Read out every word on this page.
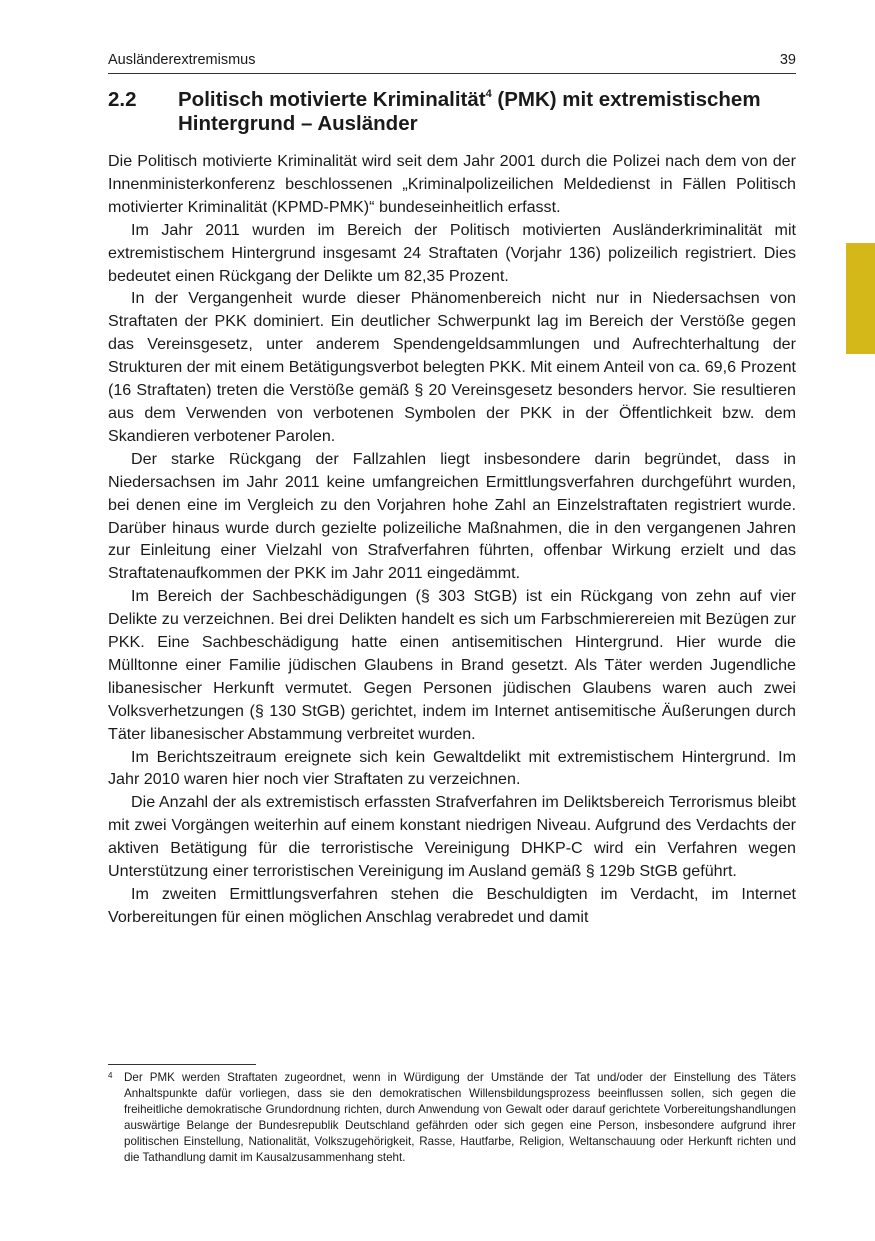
Ausländerextremismus	39
2.2	Politisch motivierte Kriminalität$^4$ (PMK) mit extremistischem Hintergrund – Ausländer

Die Politisch motivierte Kriminalität wird seit dem Jahr 2001 durch die Polizei nach dem von der Innenministerkonferenz beschlossenen „Kriminalpolizeilichen Meldedienst in Fällen Politisch motivierter Kriminalität (KPMD-PMK)“ bundeseinheitlich erfasst.

Im Jahr 2011 wurden im Bereich der Politisch motivierten Ausländerkriminalität mit extremistischem Hintergrund insgesamt 24 Straftaten (Vorjahr 136) polizeilich registriert. Dies bedeutet einen Rückgang der Delikte um 82,35 Prozent.

In der Vergangenheit wurde dieser Phänomenbereich nicht nur in Niedersachsen von Straftaten der PKK dominiert. Ein deutlicher Schwerpunkt lag im Bereich der Verstöße gegen das Vereinsgesetz, unter anderem Spendengeldsammlungen und Aufrechterhaltung der Strukturen der mit einem Betätigungsverbot belegten PKK. Mit einem Anteil von ca. 69,6 Prozent (16 Straftaten) treten die Verstöße gemäß § 20 Vereinsgesetz besonders hervor. Sie resultieren aus dem Verwenden von verbotenen Symbolen der PKK in der Öffentlichkeit bzw. dem Skandieren verbotener Parolen.

Der starke Rückgang der Fallzahlen liegt insbesondere darin begründet, dass in Niedersachsen im Jahr 2011 keine umfangreichen Ermittlungsverfahren durchgeführt wurden, bei denen eine im Vergleich zu den Vorjahren hohe Zahl an Einzelstraftaten registriert wurde. Darüber hinaus wurde durch gezielte polizeiliche Maßnahmen, die in den vergangenen Jahren zur Einleitung einer Vielzahl von Strafverfahren führten, offenbar Wirkung erzielt und das Straftatenaufkommen der PKK im Jahr 2011 eingedämmt.

Im Bereich der Sachbeschädigungen (§ 303 StGB) ist ein Rückgang von zehn auf vier Delikte zu verzeichnen. Bei drei Delikten handelt es sich um Farbschmierereien mit Bezügen zur PKK. Eine Sachbeschädigung hatte einen antisemitischen Hintergrund. Hier wurde die Mülltonne einer Familie jüdischen Glaubens in Brand gesetzt. Als Täter werden Jugendliche libanesischer Herkunft vermutet. Gegen Personen jüdischen Glaubens waren auch zwei Volksverhetzungen (§ 130 StGB) gerichtet, indem im Internet antisemitische Äußerungen durch Täter libanesischer Abstammung verbreitet wurden.

Im Berichtszeitraum ereignete sich kein Gewaltdelikt mit extremistischem Hintergrund. Im Jahr 2010 waren hier noch vier Straftaten zu verzeichnen.

Die Anzahl der als extremistisch erfassten Strafverfahren im Deliktsbereich Terrorismus bleibt mit zwei Vorgängen weiterhin auf einem konstant niedrigen Niveau. Aufgrund des Verdachts der aktiven Betätigung für die terroristische Vereinigung DHKP-C wird ein Verfahren wegen Unterstützung einer terroristischen Vereinigung im Ausland gemäß § 129b StGB geführt.

Im zweiten Ermittlungsverfahren stehen die Beschuldigten im Verdacht, im Internet Vorbereitungen für einen möglichen Anschlag verabredet und damit

4 Der PMK werden Straftaten zugeordnet, wenn in Würdigung der Umstände der Tat und/oder der Einstellung des Täters Anhaltspunkte dafür vorliegen, dass sie den demokratischen Willensbildungsprozess beeinflussen sollen, sich gegen die freiheitliche demokratische Grundordnung richten, durch Anwendung von Gewalt oder darauf gerichtete Vorbereitungshandlungen auswärtige Belange der Bundesrepublik Deutschland gefährden oder sich gegen eine Person, insbesondere aufgrund ihrer politischen Einstellung, Nationalität, Volkszugehörigkeit, Rasse, Hautfarbe, Religion, Weltanschauung oder Herkunft richten und die Tathandlung damit im Kausalzusammenhang steht.
